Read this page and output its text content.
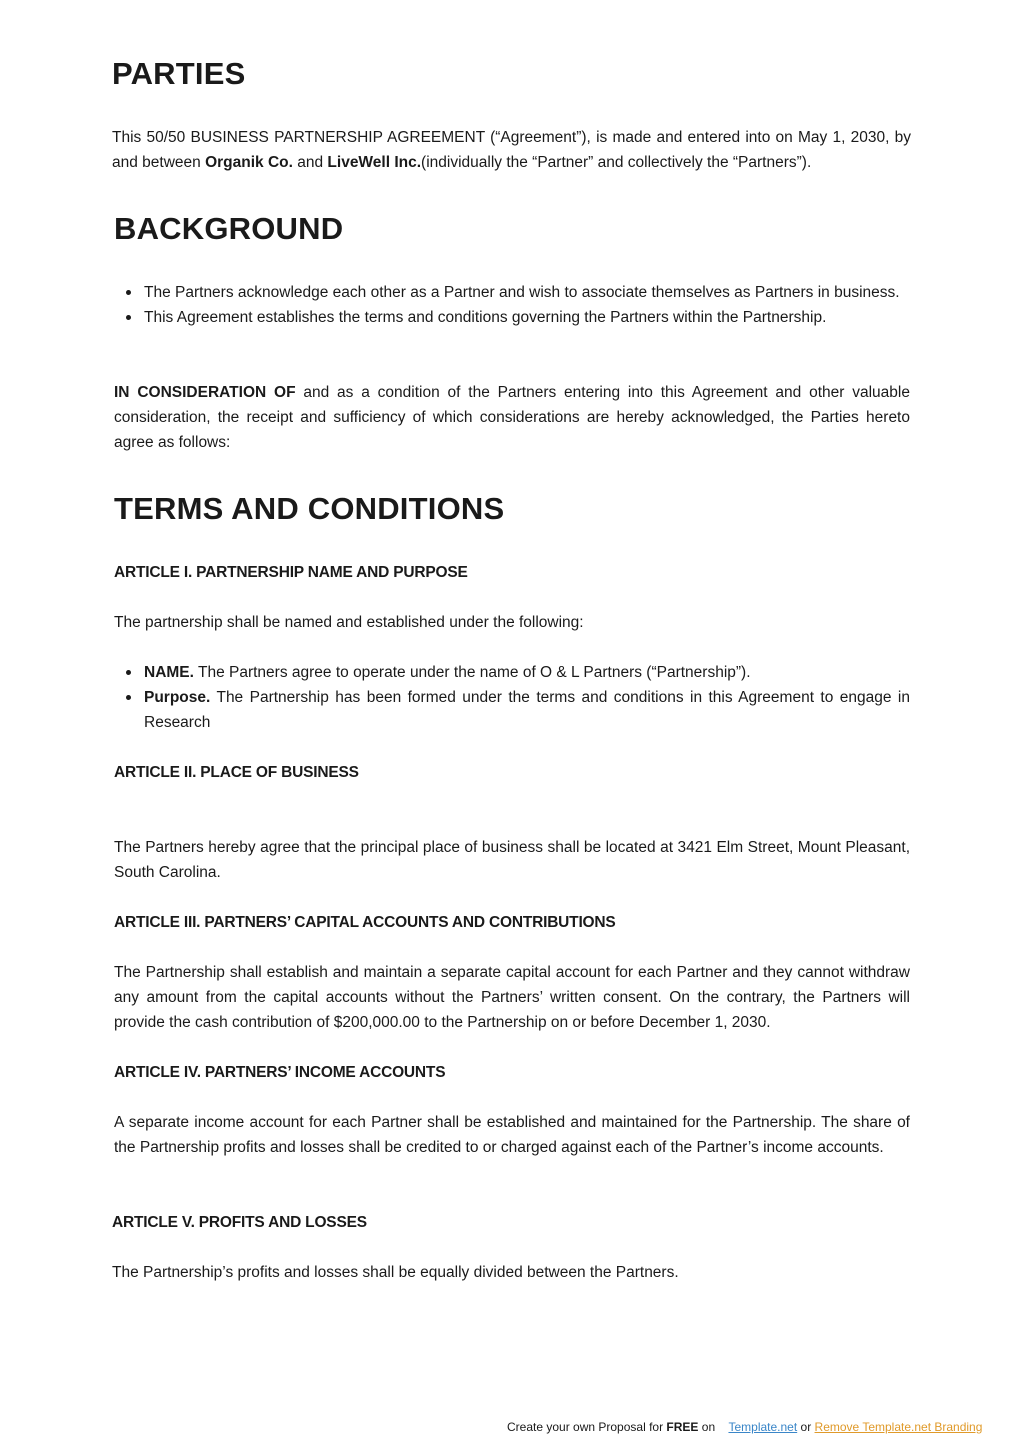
PARTIES

This 50/50 BUSINESS PARTNERSHIP AGREEMENT (“Agreement”), is made and entered into on May 1, 2030, by and between Organik Co. and LiveWell Inc.(individually the “Partner” and collectively the “Partners”).

BACKGROUND
The Partners acknowledge each other as a Partner and wish to associate themselves as Partners in business.
This Agreement establishes the terms and conditions governing the Partners within the Partnership.

IN CONSIDERATION OF and as a condition of the Partners entering into this Agreement and other valuable consideration, the receipt and sufficiency of which considerations are hereby acknowledged, the Parties hereto agree as follows:

TERMS AND CONDITIONS

ARTICLE I. PARTNERSHIP NAME AND PURPOSE

The partnership shall be named and established under the following:

NAME. The Partners agree to operate under the name of O & L Partners (“Partnership”).
Purpose. The Partnership has been formed under the terms and conditions in this Agreement to engage in Research

ARTICLE II. PLACE OF BUSINESS

The Partners hereby agree that the principal place of business shall be located at 3421 Elm Street, Mount Pleasant, South Carolina.

ARTICLE III. PARTNERS’ CAPITAL ACCOUNTS AND CONTRIBUTIONS

The Partnership shall establish and maintain a separate capital account for each Partner and they cannot withdraw any amount from the capital accounts without the Partners’ written consent. On the contrary, the Partners will provide the cash contribution of $200,000.00 to the Partnership on or before December 1, 2030.

ARTICLE IV. PARTNERS’ INCOME ACCOUNTS

A separate income account for each Partner shall be established and maintained for the Partnership. The share of the Partnership profits and losses shall be credited to or charged against each of the Partner’s income accounts.

ARTICLE V. PROFITS AND LOSSES

The Partnership’s profits and losses shall be equally divided between the Partners.

Create your own Proposal for FREE on    Template.net or Remove Template.net Branding
